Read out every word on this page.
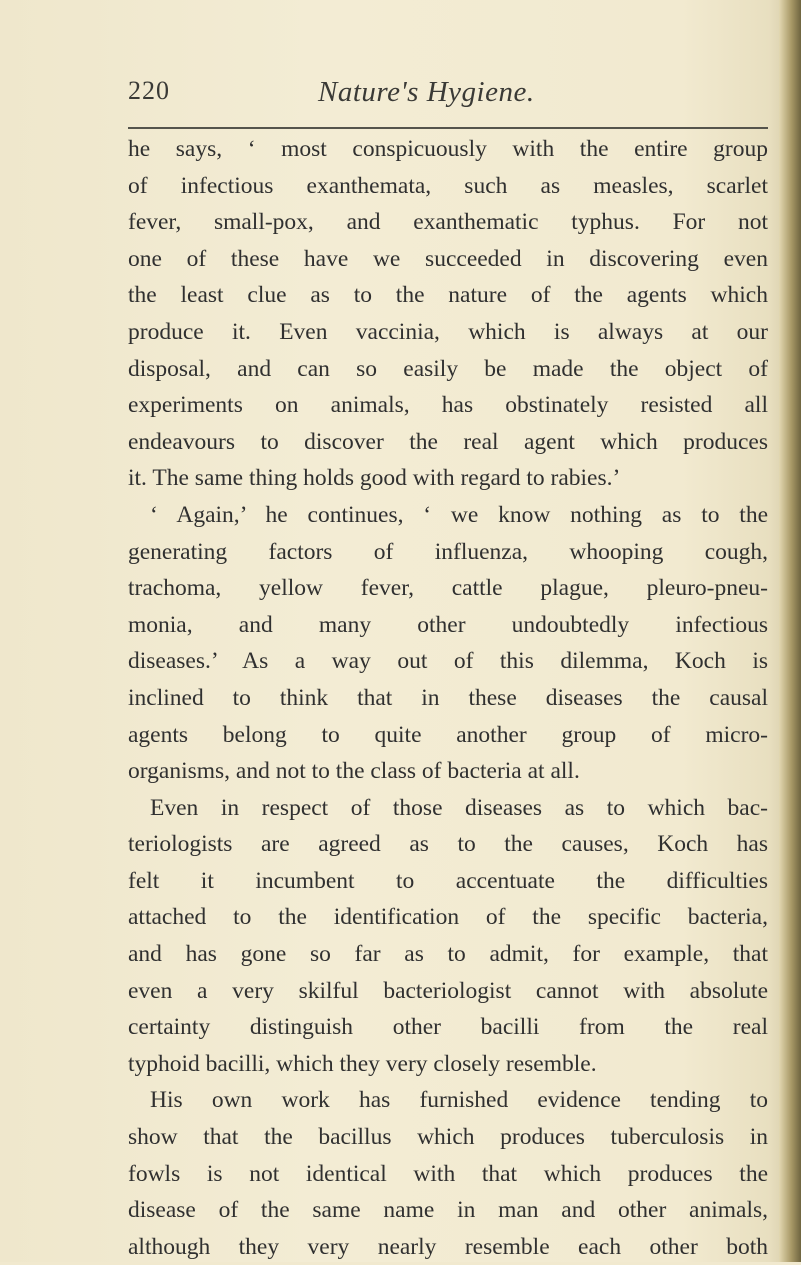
220	Nature's Hygiene.
he says, ‘ most conspicuously with the entire group
of infectious exanthemata, such as measles, scarlet
fever, small-pox, and exanthematic typhus. For not
one of these have we succeeded in discovering even
the least clue as to the nature of the agents which
produce it. Even vaccinia, which is always at our
disposal, and can so easily be made the object of
experiments on animals, has obstinately resisted all
endeavours to discover the real agent which produces
it. The same thing holds good with regard to rabies.’
‘ Again,’ he continues, ‘ we know nothing as to the
generating factors of influenza, whooping cough,
trachoma, yellow fever, cattle plague, pleuro-pneu-
monia, and many other undoubtedly infectious
diseases.’ As a way out of this dilemma, Koch is
inclined to think that in these diseases the causal
agents belong to quite another group of micro-
organisms, and not to the class of bacteria at all.
Even in respect of those diseases as to which bac-
teriologists are agreed as to the causes, Koch has
felt it incumbent to accentuate the difficulties
attached to the identification of the specific bacteria,
and has gone so far as to admit, for example, that
even a very skilful bacteriologist cannot with absolute
certainty distinguish other bacilli from the real
typhoid bacilli, which they very closely resemble.
His own work has furnished evidence tending to
show that the bacillus which produces tuberculosis in
fowls is not identical with that which produces the
disease of the same name in man and other animals,
although they very nearly resemble each other both
